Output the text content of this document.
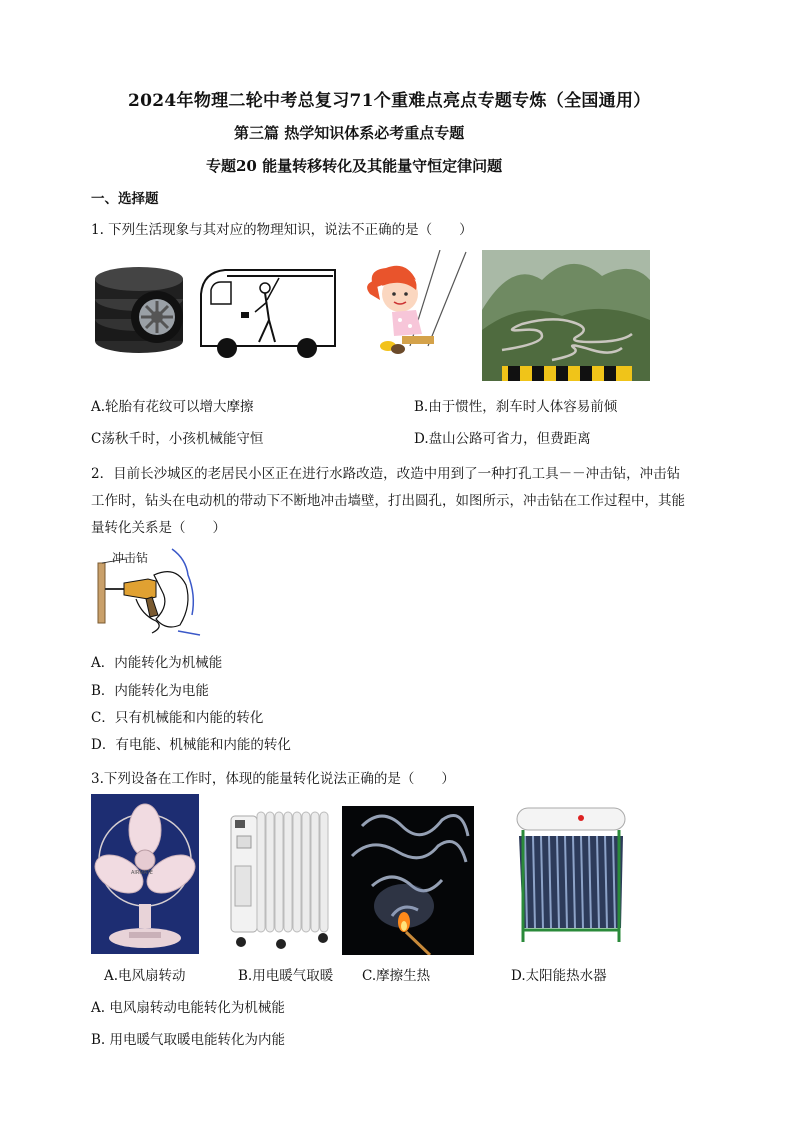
2024年物理二轮中考总复习71个重难点亮点专题专炼（全国通用）
第三篇 热学知识体系必考重点专题
专题20 能量转移转化及其能量守恒定律问题
一、选择题
1. 下列生活现象与其对应的物理知识，说法不正确的是（　　）
A.轮胎有花纹可以增大摩擦	B.由于惯性，刹车时人体容易前倾
C荡秋千时，小孩机械能守恒	D.盘山公路可省力，但费距离
2．目前长沙城区的老居民小区正在进行水路改造，改造中用到了一种打孔工具－－冲击钻，冲击钻
工作时，钻头在电动机的带动下不断地冲击墙壁，打出圆孔，如图所示，冲击钻在工作过程中，其能
量转化关系是（　　）
冲击钻
A．内能转化为机械能
B．内能转化为电能
C．只有机械能和内能的转化
D．有电能、机械能和内能的转化
3.下列设备在工作时，体现的能量转化说法正确的是（　　）
AIRMATE
A.电风扇转动	B.用电暖气取暖 C.摩擦生热	D.太阳能热水器
A. 电风扇转动电能转化为机械能
B. 用电暖气取暖电能转化为内能
